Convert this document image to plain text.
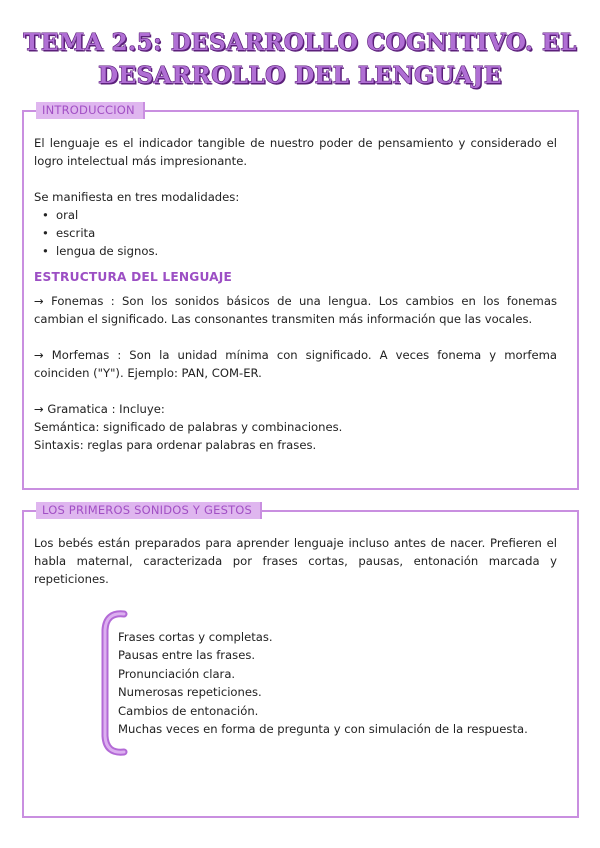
TEMA 2.5: DESARROLLO COGNITIVO. EL
DESARROLLO DEL LENGUAJE
INTRODUCCION

El lenguaje es el indicador tangible de nuestro poder de pensamiento y considerado el logro intelectual más impresionante.

Se manifiesta en tres modalidades:

• oral
• escrita
• lengua de signos.
ESTRUCTURA DEL LENGUAJE

→ Fonemas : Son los sonidos básicos de una lengua. Los cambios en los fonemas cambian el significado. Las consonantes transmiten más información que las vocales.

→ Morfemas : Son la unidad mínima con significado. A veces fonema y morfema coinciden ("Y"). Ejemplo: PAN, COM-ER.

→ Gramatica : Incluye:

Semántica: significado de palabras y combinaciones.

Sintaxis: reglas para ordenar palabras en frases.

LOS PRIMEROS SONIDOS Y GESTOS

Los bebés están preparados para aprender lenguaje incluso antes de nacer. Prefieren el habla maternal, caracterizada por frases cortas, pausas, entonación marcada y repeticiones.

Frases cortas y completas.
Pausas entre las frases.
Pronunciación clara.
Numerosas repeticiones.
Cambios de entonación.
Muchas veces en forma de pregunta y con simulación de la respuesta.
